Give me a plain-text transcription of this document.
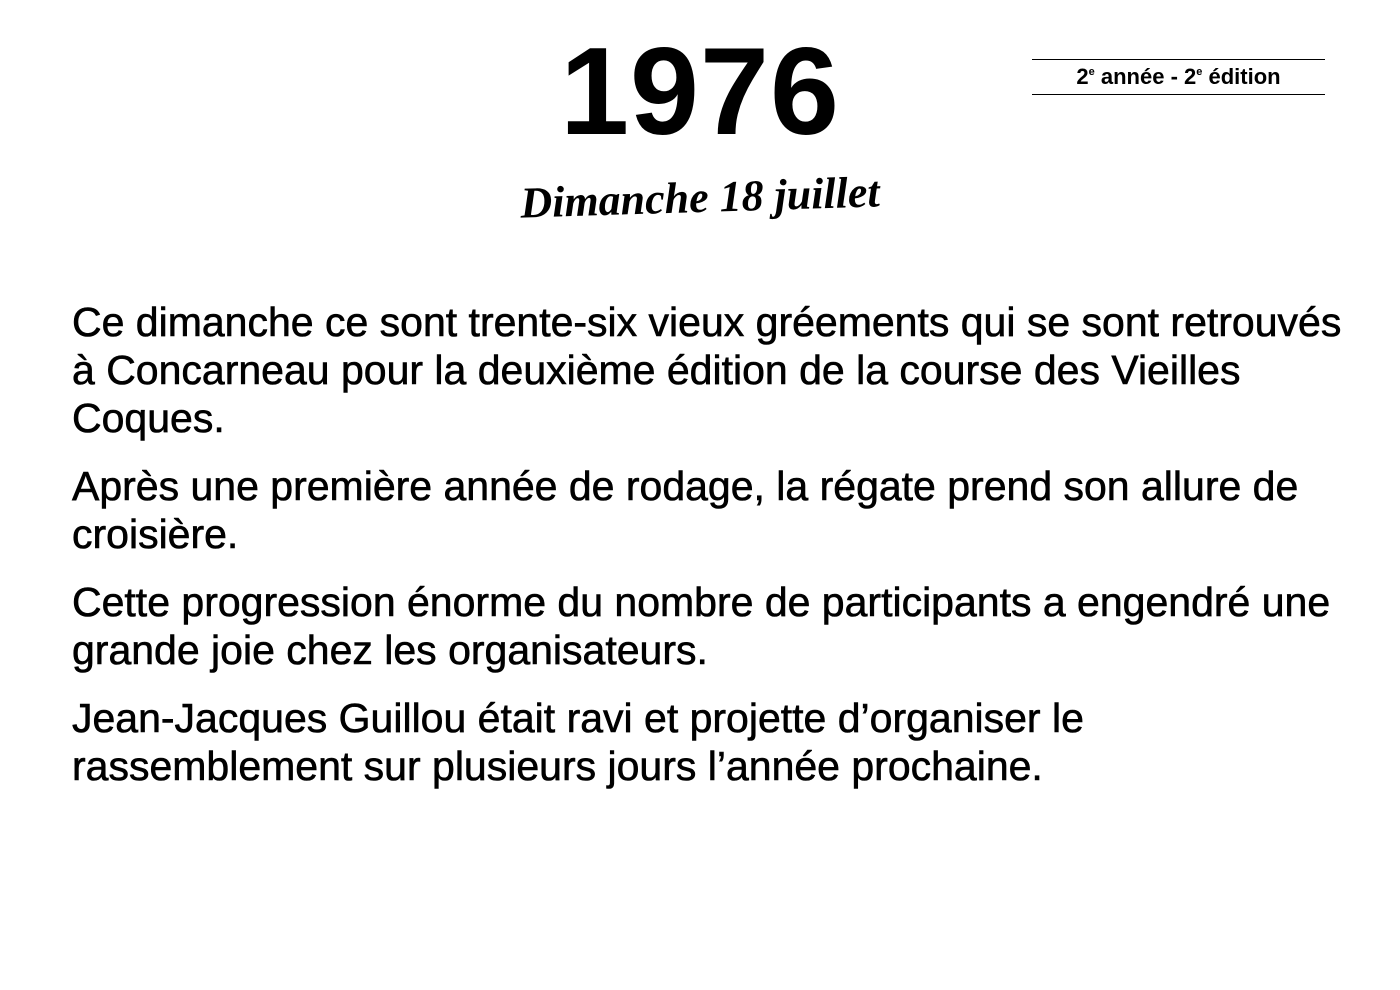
1976	2e année - 2e édition
Dimanche 18 juillet

Ce dimanche ce sont trente-six vieux gréements qui se sont retrouvés à Concarneau pour la deuxième édition de la course des Vieilles Coques.

Après une première année de rodage, la régate prend son allure de croisière.

Cette progression énorme du nombre de participants a engendré une grande joie chez les organisateurs.

Jean-Jacques Guillou était ravi et projette d’organiser le rassemblement sur plusieurs jours l’année prochaine.
